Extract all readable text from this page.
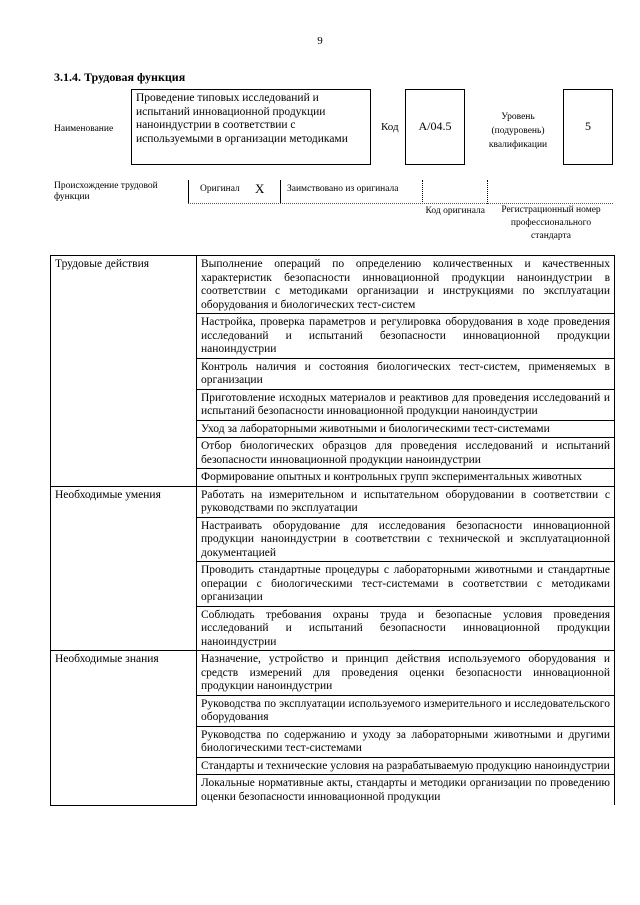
9
3.1.4. Трудовая функция
Наименование
Проведение типовых исследований и испытаний инновационной продукции наноиндустрии в соответствии с используемыми в организации методиками
Код	A/04.5
Уровень (подуровень) квалификации
5
Происхождение трудовой функции
Оригинал X Заимствовано из оригинала
Код оригинала	Регистрационный номер профессионального стандарта
Трудовые действия	Выполнение операций по определению количественных и качественных характеристик безопасности инновационной продукции наноиндустрии в соответствии с методиками организации и инструкциями по эксплуатации оборудования и биологических тест-систем
	Настройка, проверка параметров и регулировка оборудования в ходе проведения исследований и испытаний безопасности инновационной продукции наноиндустрии
	Контроль наличия и состояния биологических тест-систем, применяемых в организации
	Приготовление исходных материалов и реактивов для проведения исследований и испытаний безопасности инновационной продукции наноиндустрии
	Уход за лабораторными животными и биологическими тест-системами
	Отбор биологических образцов для проведения исследований и испытаний безопасности инновационной продукции наноиндустрии
	Формирование опытных и контрольных групп экспериментальных животных
Необходимые умения	Работать на измерительном и испытательном оборудовании в соответствии с руководствами по эксплуатации
	Настраивать оборудование для исследования безопасности инновационной продукции наноиндустрии в соответствии с технической и эксплуатационной документацией
	Проводить стандартные процедуры с лабораторными животными и стандартные операции с биологическими тест-системами в соответствии с методиками организации
	Соблюдать требования охраны труда и безопасные условия проведения исследований и испытаний безопасности инновационной продукции наноиндустрии
Необходимые знания	Назначение, устройство и принцип действия используемого оборудования и средств измерений для проведения оценки безопасности инновационной продукции наноиндустрии
	Руководства по эксплуатации используемого измерительного и исследовательского оборудования
	Руководства по содержанию и уходу за лабораторными животными и другими биологическими тест-системами
	Стандарты и технические условия на разрабатываемую продукцию наноиндустрии
	Локальные нормативные акты, стандарты и методики организации по проведению оценки безопасности инновационной продукции
